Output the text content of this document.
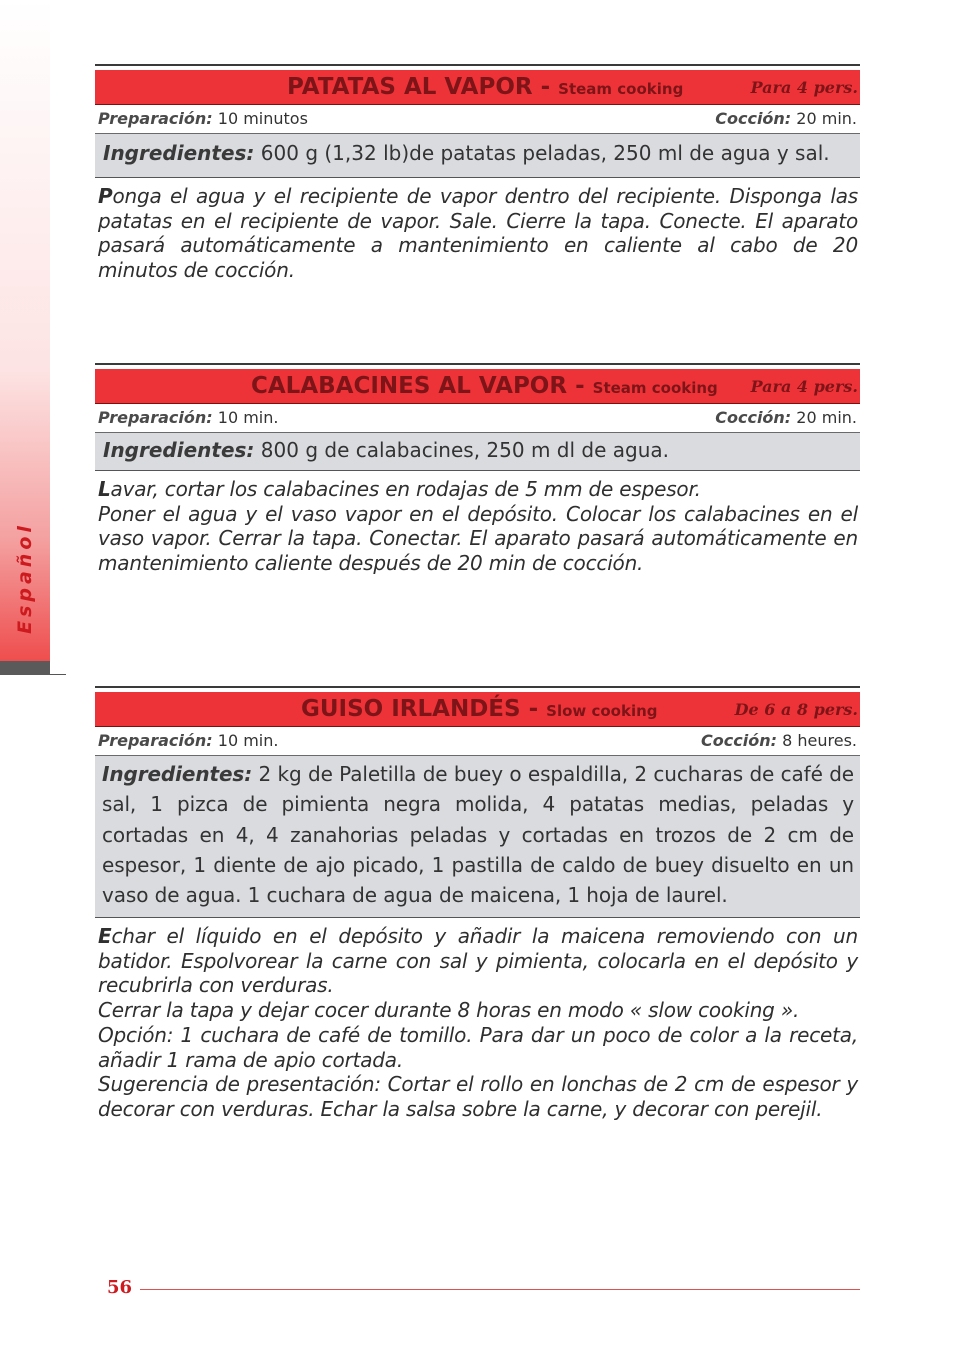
Español
PATATAS AL VAPOR - Steam cooking	Para 4 pers.
Preparación: 10 minutos	Cocción: 20 min.
Ingredientes: 600 g (1,32 lb)de patatas peladas, 250 ml de agua y sal.

Ponga el agua y el recipiente de vapor dentro del recipiente. Disponga las patatas en el recipiente de vapor. Sale. Cierre la tapa. Conecte. El aparato pasará automáticamente a mantenimiento en caliente al cabo de 20 minutos de cocción.

CALABACINES AL VAPOR - Steam cooking Para 4 pers.
Preparación: 10 min.	Cocción: 20 min.
Ingredientes: 800 g de calabacines, 250 m dl de agua.

Lavar, cortar los calabacines en rodajas de 5 mm de espesor.

Poner el agua y el vaso vapor en el depósito. Colocar los calabacines en el vaso vapor. Cerrar la tapa. Conectar. El aparato pasará automáticamente en mantenimiento caliente después de 20 min de cocción.

GUISO IRLANDÉS - Slow cooking	De 6 a 8 pers.
Preparación: 10 min.	Cocción: 8 heures.
Ingredientes: 2 kg de Paletilla de buey o espaldilla, 2 cucharas de café de sal, 1 pizca de pimienta negra molida, 4 patatas medias, peladas y cortadas en 4, 4 zanahorias peladas y cortadas en trozos de 2 cm de espesor, 1 diente de ajo picado, 1 pastilla de caldo de buey disuelto en un vaso de agua. 1 cuchara de agua de maicena, 1 hoja de laurel.

Echar el líquido en el depósito y añadir la maicena removiendo con un batidor. Espolvorear la carne con sal y pimienta, colocarla en el depósito y recubrirla con verduras.

Cerrar la tapa y dejar cocer durante 8 horas en modo « slow cooking ».

Opción: 1 cuchara de café de tomillo. Para dar un poco de color a la receta, añadir 1 rama de apio cortada.

Sugerencia de presentación: Cortar el rollo en lonchas de 2 cm de espesor y decorar con verduras. Echar la salsa sobre la carne, y decorar con perejil.

56
